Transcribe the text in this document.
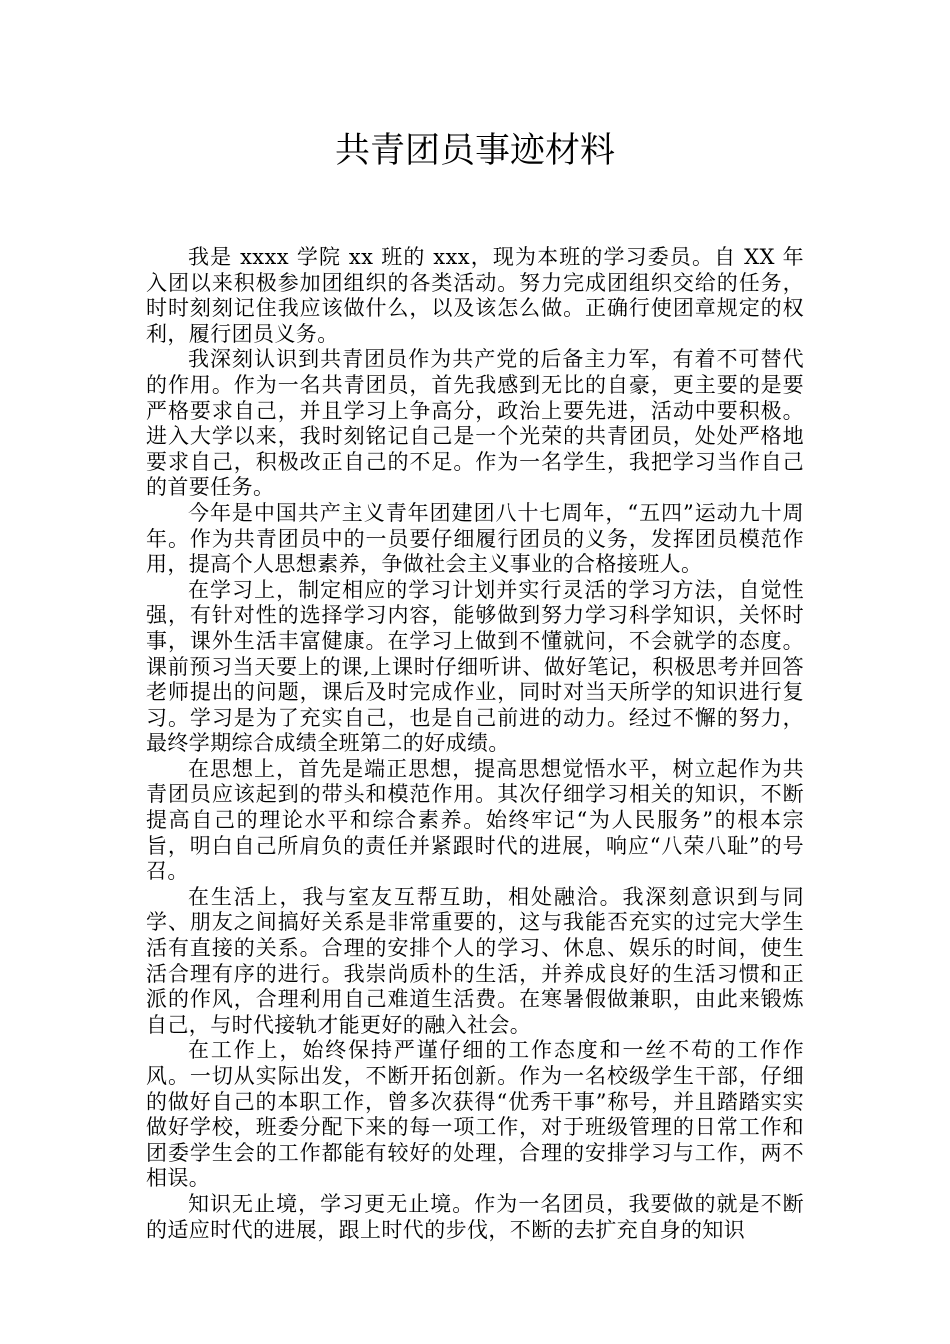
共青团员事迹材料

我是 xxxx 学院 xx 班的 xxx，现为本班的学习委员。自 XX 年入团以来积极参加团组织的各类活动。努力完成团组织交给的任务，时时刻刻记住我应该做什么，以及该怎么做。正确行使团章规定的权利，履行团员义务。

我深刻认识到共青团员作为共产党的后备主力军，有着不可替代的作用。作为一名共青团员，首先我感到无比的自豪，更主要的是要严格要求自己，并且学习上争高分，政治上要先进，活动中要积极。进入大学以来，我时刻铭记自己是一个光荣的共青团员，处处严格地要求自己，积极改正自己的不足。作为一名学生，我把学习当作自己的首要任务。

今年是中国共产主义青年团建团八十七周年，“五四”运动九十周年。作为共青团员中的一员要仔细履行团员的义务，发挥团员模范作用，提高个人思想素养，争做社会主义事业的合格接班人。

在学习上，制定相应的学习计划并实行灵活的学习方法，自觉性强，有针对性的选择学习内容，能够做到努力学习科学知识，关怀时事，课外生活丰富健康。在学习上做到不懂就问，不会就学的态度。课前预习当天要上的课,上课时仔细听讲、做好笔记，积极思考并回答老师提出的问题，课后及时完成作业，同时对当天所学的知识进行复习。学习是为了充实自己，也是自己前进的动力。经过不懈的努力，最终学期综合成绩全班第二的好成绩。

在思想上，首先是端正思想，提高思想觉悟水平，树立起作为共青团员应该起到的带头和模范作用。其次仔细学习相关的知识，不断提高自己的理论水平和综合素养。始终牢记“为人民服务”的根本宗旨，明白自己所肩负的责任并紧跟时代的进展，响应“八荣八耻”的号召。

在生活上，我与室友互帮互助，相处融洽。我深刻意识到与同学、朋友之间搞好关系是非常重要的，这与我能否充实的过完大学生活有直接的关系。合理的安排个人的学习、休息、娱乐的时间，使生活合理有序的进行。我崇尚质朴的生活，并养成良好的生活习惯和正派的作风，合理利用自己难道生活费。在寒暑假做兼职，由此来锻炼自己，与时代接轨才能更好的融入社会。

在工作上，始终保持严谨仔细的工作态度和一丝不苟的工作作风。一切从实际出发，不断开拓创新。作为一名校级学生干部，仔细的做好自己的本职工作，曾多次获得“优秀干事”称号，并且踏踏实实做好学校，班委分配下来的每一项工作，对于班级管理的日常工作和团委学生会的工作都能有较好的处理，合理的安排学习与工作，两不相误。

知识无止境，学习更无止境。作为一名团员，我要做的就是不断的适应时代的进展，跟上时代的步伐，不断的去扩充自身的知识
